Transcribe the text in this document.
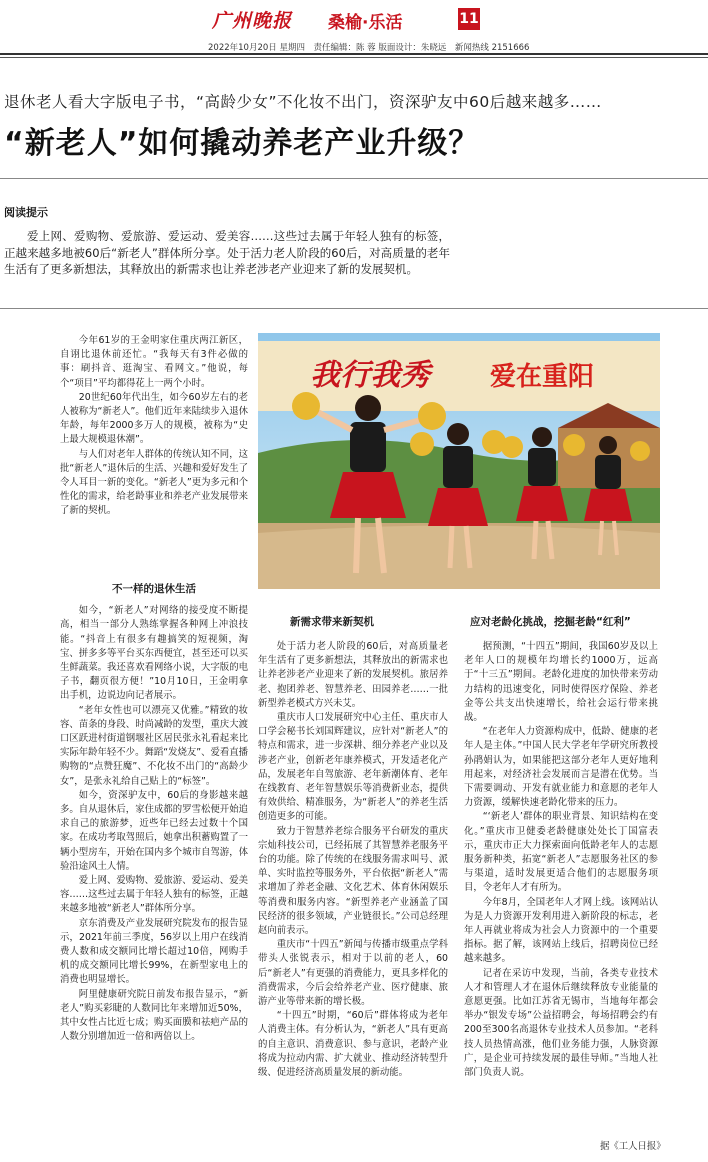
广州晚报 桑榆·乐活	11
2022年10月20日 星期四　责任编辑：陈 蓉 版面设计：朱晓远　新闻热线 2151666
退休老人看大字版电子书，“高龄少女”不化妆不出门，资深驴友中60后越来越多……
“新老人”如何撬动养老产业升级？
阅读提示
爱上网、爱购物、爱旅游、爱运动、爱美容……这些过去属于年轻人独有的标签，正越来越多地被60后“新老人”群体所分享。处于活力老人阶段的60后，对高质量的老年生活有了更多新想法，其释放出的新需求也让养老涉老产业迎来了新的发展契机。
我行我秀 爱在重阳

今年61岁的王金明家住重庆两江新区，自诩比退休前还忙。“我每天有3件必做的事：刷抖音、逛淘宝、看网文。”他说，每个“项目”平均都得花上一两个小时。

20世纪60年代出生，如今60岁左右的老人被称为“新老人”。他们近年来陆续步入退休年龄，每年2000多万人的规模，被称为“史上最大规模退休潮”。

与人们对老年人群体的传统认知不同，这批“新老人”退休后的生活、兴趣和爱好发生了令人耳目一新的变化。“新老人”更为多元和个性化的需求，给老龄事业和养老产业发展带来了新的契机。

不一样的退休生活

如今，“新老人”对网络的接受度不断提高，相当一部分人熟练掌握各种网上冲浪技能。“抖音上有很多有趣搞笑的短视频，淘宝、拼多多等平台买东西便宜，甚至还可以买生鲜蔬菜。我还喜欢看网络小说，大字版的电子书，翻页很方便！”10月10日，王金明拿出手机，边说边向记者展示。

“老年女性也可以漂亮又优雅。”精致的妆容、苗条的身段、时尚减龄的发型，重庆大渡口区跃进村街道钢堰社区居民张永礼看起来比实际年龄年轻不少。舞蹈“发烧友”、爱看直播购物的“点赞狂魔”、不化妆不出门的“高龄少女”，是张永礼给自己贴上的“标签”。

如今，资深驴友中，60后的身影越来越多。自从退休后，家住成都的罗雪松便开始追求自己的旅游梦，近些年已经去过数十个国家。在成功考取驾照后，她拿出积蓄购置了一辆小型房车，开始在国内多个城市自驾游，体验沿途风土人情。

爱上网、爱购物、爱旅游、爱运动、爱美容……这些过去属于年轻人独有的标签，正越来越多地被“新老人”群体所分享。

京东消费及产业发展研究院发布的报告显示，2021年前三季度，56岁以上用户在线消费人数和成交额同比增长超过10倍，网购手机的成交额同比增长99%，在新型家电上的消费也明显增长。

阿里健康研究院日前发布报告显示，“新老人”购买彩睫的人数同比年来增加近50%，其中女性占比近七成；购买面膜和祛疤产品的人数分别增加近一倍和两倍以上。

新需求带来新契机

处于活力老人阶段的60后，对高质量老年生活有了更多新想法，其释放出的新需求也让养老涉老产业迎来了新的发展契机。旅居养老、抱团养老、智慧养老、田园养老……一批新型养老模式方兴未艾。

重庆市人口发展研究中心主任、重庆市人口学会秘书长刘国辉建议，应针对“新老人”的特点和需求，进一步深耕、细分养老产业以及涉老产业，创新老年康养模式，开发适老化产品，发展老年自驾旅游、老年新潮体育、老年在线教育、老年智慧娱乐等消费新业态，提供有效供给、精准服务，为“新老人”的养老生活创造更多的可能。

致力于智慧养老综合服务平台研发的重庆宗灿科技公司，已经拓展了其智慧养老服务平台的功能。除了传统的在线服务需求叫号、派单、实时监控等服务外，平台依据“新老人”需求增加了养老金融、文化艺术、体育休闲娱乐等消费和服务内容。“新型养老产业涵盖了国民经济的很多领域，产业链很长。”公司总经理赵向前表示。

重庆市“十四五”新闻与传播市级重点学科带头人张锐表示，相对于以前的老人，60后“新老人”有更强的消费能力，更具多样化的消费需求，今后会给养老产业、医疗健康、旅游产业等带来新的增长极。

“十四五”时期，“60后”群体将成为老年人消费主体。有分析认为，“新老人”具有更高的自主意识、消费意识、参与意识，老龄产业将成为拉动内需、扩大就业、推动经济转型升级、促进经济高质量发展的新动能。

应对老龄化挑战，挖掘老龄“红利”

据预测，“十四五”期间，我国60岁及以上老年人口的规模年均增长约1000万，远高于“十三五”期间。老龄化进度的加快带来劳动力结构的迅速变化，同时使得医疗保险、养老金等公共支出快速增长，给社会运行带来挑战。

“在老年人力资源构成中，低龄、健康的老年人是主体。”中国人民大学老年学研究所教授孙鹃娟认为，如果能把这部分老年人更好地利用起来，对经济社会发展而言是潜在优势。当下需要调动、开发有就业能力和意愿的老年人力资源，缓解快速老龄化带来的压力。

“‘新老人’群体的职业背景、知识结构在变化。”重庆市卫健委老龄健康处处长丁国富表示，重庆市正大力探索面向低龄老年人的志愿服务新种类，拓宽“新老人”志愿服务社区的参与渠道，适时发展更适合他们的志愿服务项目，令老年人才有所为。

今年8月，全国老年人才网上线。该网站认为是人力资源开发利用进入新阶段的标志，老年人再就业将成为社会人力资源中的一个重要指标。据了解，该网站上线后，招聘岗位已经越来越多。

记者在采访中发现，当前，各类专业技术人才和管理人才在退休后继续释放专业能量的意愿更强。比如江苏省无锡市，当地每年都会举办“银发专场”公益招聘会，每场招聘会约有200至300名高退休专业技术人员参加。“老科技人员热情高涨，他们业务能力强，人脉资源广，是企业可持续发展的最佳导师。”当地人社部门负责人说。

据《工人日报》
